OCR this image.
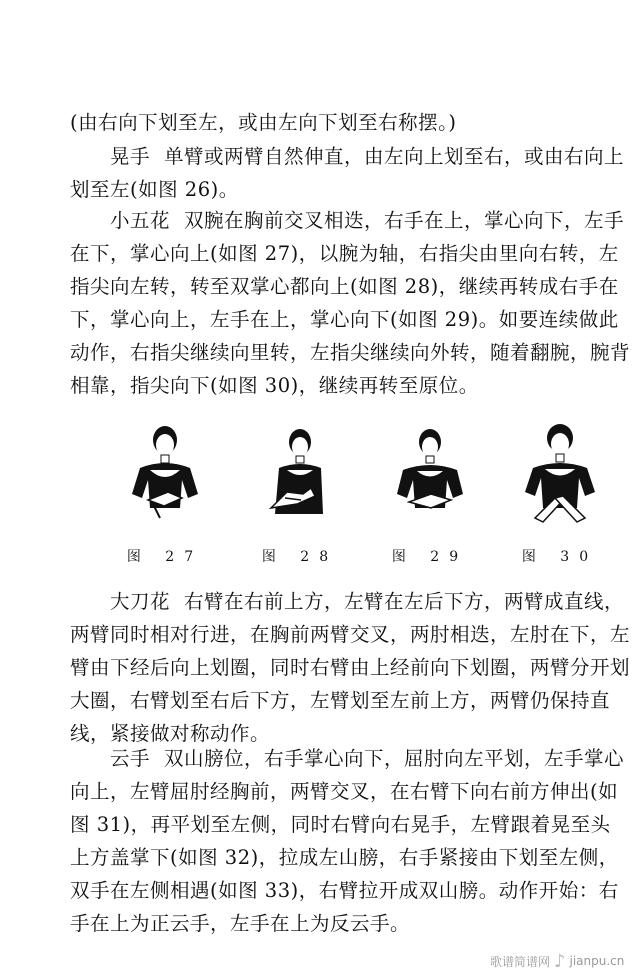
(由右向下划至左，或由左向下划至右称摆。)

晃手 单臂或两臂自然伸直，由左向上划至右，或由右向上划至左(如图 26)。

小五花 双腕在胸前交叉相迭，右手在上，掌心向下，左手在下，掌心向上(如图 27)，以腕为轴，右指尖由里向右转，左指尖向左转，转至双掌心都向上(如图 28)，继续再转成右手在下，掌心向上，左手在上，掌心向下(如图 29)。如要连续做此动作，右指尖继续向里转，左指尖继续向外转，随着翻腕，腕背相靠，指尖向下(如图 30)，继续再转至原位。

图 27	图 28	图 29	图 30

大刀花 右臂在右前上方，左臂在左后下方，两臂成直线，两臂同时相对行进，在胸前两臂交叉，两肘相迭，左肘在下，左臂由下经后向上划圈，同时右臂由上经前向下划圈，两臂分开划大圈，右臂划至右后下方，左臂划至左前上方，两臂仍保持直线，紧接做对称动作。

云手 双山膀位，右手掌心向下，屈肘向左平划，左手掌心向上，左臂屈肘经胸前，两臂交叉，在右臂下向右前方伸出(如图 31)，再平划至左侧，同时右臂向右晃手，左臂跟着晃至头上方盖掌下(如图 32)，拉成左山膀，右手紧接由下划至左侧，双手在左侧相遇(如图 33)，右臂拉开成双山膀。动作开始：右手在上为正云手，左手在上为反云手。

歌谱简谱网 ♪ jianpu.cn
